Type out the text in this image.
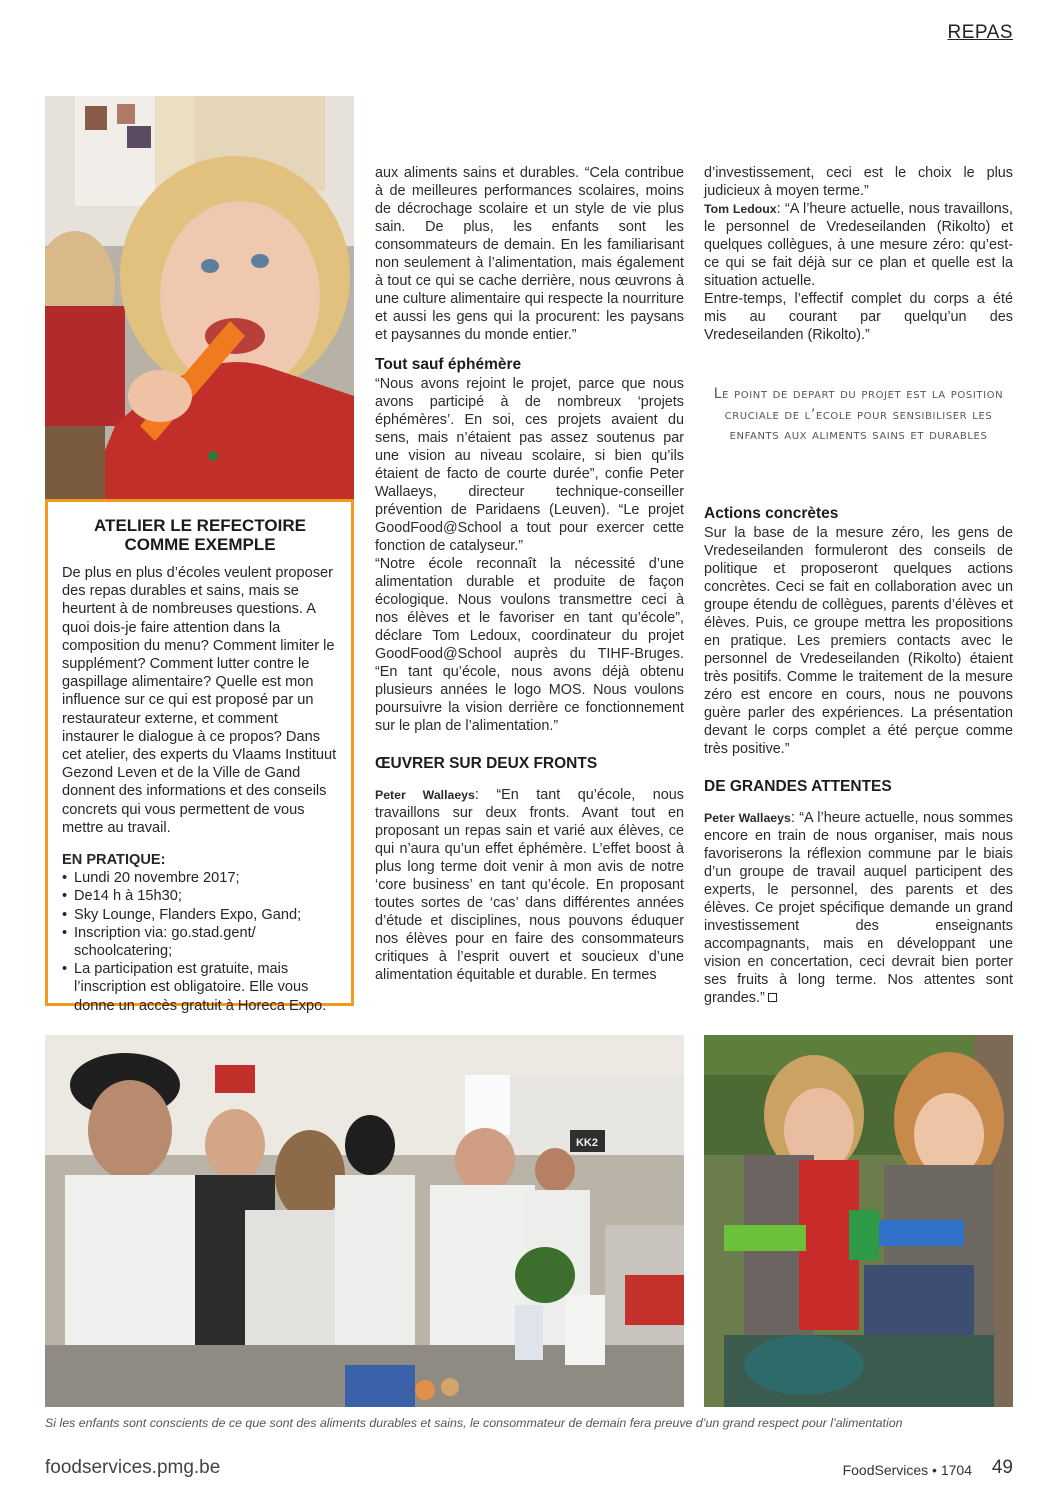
REPAS
ATELIER LE REFECTOIRE
COMME EXEMPLE

De plus en plus d’écoles veulent proposer des repas durables et sains, mais se heurtent à de nombreuses questions. A quoi dois-je faire attention dans la composition du menu? Comment limiter le supplément? Comment lutter contre le gaspillage alimentaire? Quelle est mon influence sur ce qui est proposé par un restaurateur externe, et comment instaurer le dialogue à ce propos? Dans cet atelier, des experts du Vlaams Instituut Gezond Leven et de la Ville de Gand donnent des informations et des conseils concrets qui vous permettent de vous mettre au travail.

EN PRATIQUE:
• Lundi 20 novembre 2017;
• De14 h à 15h30;
• Sky Lounge, Flanders Expo, Gand;
• Inscription via: go.stad.gent/ schoolcatering;
• La participation est gratuite, mais l’inscription est obligatoire. Elle vous donne un accès gratuit à Horeca Expo.

aux aliments sains et durables. “Cela contribue à de meilleures performances scolaires, moins de décrochage scolaire et un style de vie plus sain. De plus, les enfants sont les consommateurs de demain. En les familiarisant non seulement à l’alimentation, mais également à tout ce qui se cache derrière, nous œuvrons à une culture alimentaire qui respecte la nourriture et aussi les gens qui la procurent: les paysans et paysannes du monde entier.”

Tout sauf éphémère

“Nous avons rejoint le projet, parce que nous avons participé à de nombreux ‘projets éphémères’. En soi, ces projets avaient du sens, mais n’étaient pas assez soutenus par une vision au niveau scolaire, si bien qu’ils étaient de facto de courte durée”, confie Peter Wallaeys, directeur technique-conseiller prévention de Paridaens (Leuven). “Le projet GoodFood@School a tout pour exercer cette fonction de catalyseur.”

“Notre école reconnaît la nécessité d’une alimentation durable et produite de façon écologique. Nous voulons transmettre ceci à nos élèves et le favoriser en tant qu’école”, déclare Tom Ledoux, coordinateur du projet GoodFood@School auprès du TIHF-Bruges. “En tant qu’école, nous avons déjà obtenu plusieurs années le logo MOS. Nous voulons poursuivre la vision derrière ce fonctionnement sur le plan de l’alimentation.”

ŒUVRER SUR DEUX FRONTS

Peter Wallaeys: “En tant qu’école, nous travaillons sur deux fronts. Avant tout en proposant un repas sain et varié aux élèves, ce qui n’aura qu’un effet éphémère. L’effet boost à plus long terme doit venir à mon avis de notre ‘core business’ en tant qu’école. En proposant toutes sortes de ‘cas’ dans différentes années d’étude et disciplines, nous pouvons éduquer nos élèves pour en faire des consommateurs critiques à l’esprit ouvert et soucieux d’une alimentation équitable et durable. En termes

d’investissement, ceci est le choix le plus judicieux à moyen terme.”

Tom Ledoux: “A l’heure actuelle, nous travaillons, le personnel de Vredeseilanden (Rikolto) et quelques collègues, à une mesure zéro: qu’est-ce qui se fait déjà sur ce plan et quelle est la situation actuelle.

Entre-temps, l’effectif complet du corps a été mis au courant par quelqu’un des Vredeseilanden (Rikolto).”

Le point de depart du projet est la position cruciale de l’ecole pour sensibiliser les enfants aux aliments sains et durables
Actions concrètes

Sur la base de la mesure zéro, les gens de Vredeseilanden formuleront des conseils de politique et proposeront quelques actions concrètes. Ceci se fait en collaboration avec un groupe étendu de collègues, parents d’élèves et élèves. Puis, ce groupe mettra les propositions en pratique. Les premiers contacts avec le personnel de Vredeseilanden (Rikolto) étaient très positifs. Comme le traitement de la mesure zéro est encore en cours, nous ne pouvons guère parler des expériences. La présentation devant le corps complet a été perçue comme très positive.”

DE GRANDES ATTENTES

Peter Wallaeys: “A l’heure actuelle, nous sommes encore en train de nous organiser, mais nous favoriserons la réflexion commune par le biais d’un groupe de travail auquel participent des experts, le personnel, des parents et des élèves. Ce projet spécifique demande un grand investissement des enseignants accompagnants, mais en développant une vision en concertation, ceci devrait bien porter ses fruits à long terme. Nos attentes sont grandes.”

KK2
Si les enfants sont conscients de ce que sont des aliments durables et sains, le consommateur de demain fera preuve d’un grand respect pour l’alimentation
foodservices.pmg.be	FoodServices • 1704 49
